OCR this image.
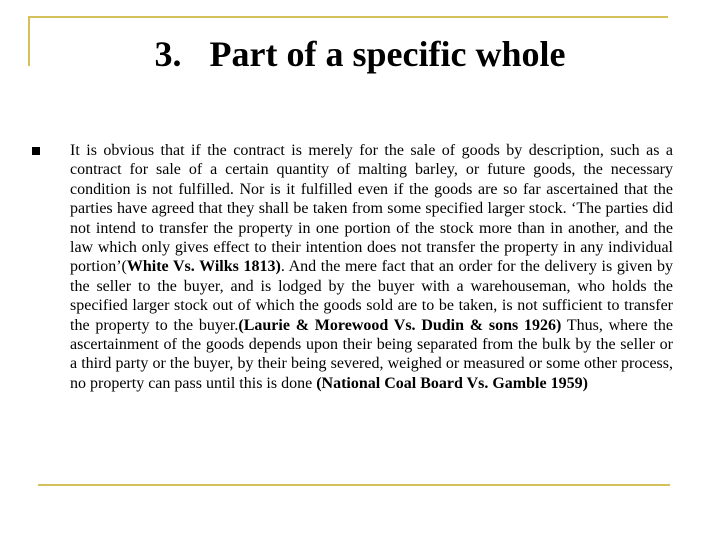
3. Part of a specific whole

It is obvious that if the contract is merely for the sale of goods by description, such as a contract for sale of a certain quantity of malting barley, or future goods, the necessary condition is not fulfilled. Nor is it fulfilled even if the goods are so far ascertained that the parties have agreed that they shall be taken from some specified larger stock. ‘The parties did not intend to transfer the property in one portion of the stock more than in another, and the law which only gives effect to their intention does not transfer the property in any individual portion’(White Vs. Wilks 1813). And the mere fact that an order for the delivery is given by the seller to the buyer, and is lodged by the buyer with a warehouseman, who holds the specified larger stock out of which the goods sold are to be taken, is not sufficient to transfer the property to the buyer.(Laurie & Morewood Vs. Dudin & sons 1926) Thus, where the ascertainment of the goods depends upon their being separated from the bulk by the seller or a third party or the buyer, by their being severed, weighed or measured or some other process, no property can pass until this is done (National Coal Board Vs. Gamble 1959)
